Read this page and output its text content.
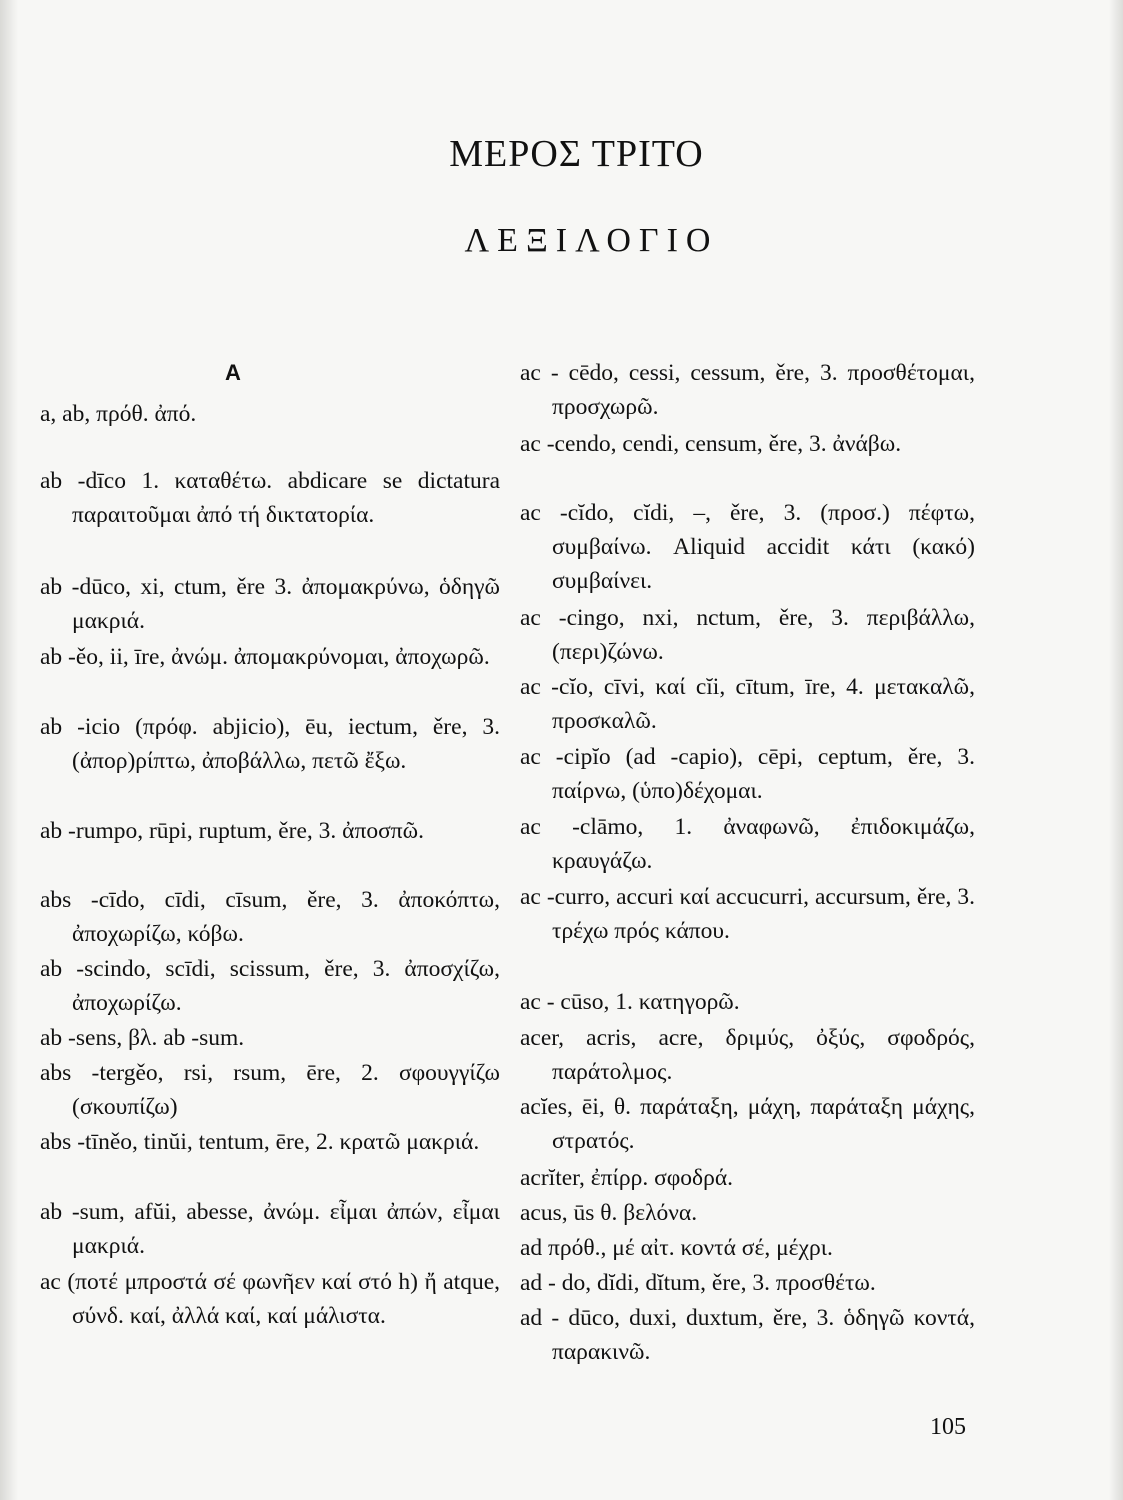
ΜΕΡΟΣ ΤΡΙΤΟ
ΛΕΞΙΛΟΓΙΟ
Α
a, ab, πρόθ. ἀπό.
ab -dīco 1. καταθέτω. abdicare se dictatura παραιτοῦμαι ἀπό τή δικτατορία.
ab -dūco, xi, ctum, ěre 3. ἀπομακρύνω, ὁδηγῶ μακριά.
ab -ěo, ii, īre, ἀνώμ. ἀπομακρύνομαι, ἀποχωρῶ.
ab -icio (πρόφ. abjicio), ēu, iectum, ěre, 3. (ἀπορ)ρίπτω, ἀποβάλλω, πετῶ ἔξω.
ab -rumpo, rūpi, ruptum, ěre, 3. ἀποσπῶ.
abs -cīdo, cīdi, cīsum, ěre, 3. ἀποκόπτω, ἀποχωρίζω, κόβω.
ab -scindo, scīdi, scissum, ěre, 3. ἀποσχίζω, ἀποχωρίζω.
ab -sens, βλ. ab -sum.
abs -tergěo, rsi, rsum, ēre, 2. σφουγγίζω (σκουπίζω)
abs -tīněo, tinŭi, tentum, ēre, 2. κρατῶ μακριά.
ab -sum, afŭi, abesse, ἀνώμ. εἶμαι ἀπών, εἶμαι μακριά.
ac (ποτέ μπροστά σέ φωνῆεν καί στό h) ἤ atque, σύνδ. καί, ἀλλά καί, καί μάλιστα.
ac - cēdo, cessi, cessum, ěre, 3. προσθέτομαι, προσχωρῶ.
ac -cendo, cendi, censum, ěre, 3. ἀνάβω.
ac -cĭdo, cĭdi, –, ěre, 3. (προσ.) πέφτω, συμβαίνω. Aliquid accidit κάτι (κακό) συμβαίνει.
ac -cingo, nxi, nctum, ěre, 3. περιβάλλω, (περι)ζώνω.
ac -cĭo, cīvi, καί cĭi, cītum, īre, 4. μετακαλῶ, προσκαλῶ.
ac -cipĭo (ad -capio), cēpi, ceptum, ěre, 3. παίρνω, (ὑπο)δέχομαι.
ac -clāmo, 1. ἀναφωνῶ, ἐπιδοκιμάζω, κραυγάζω.
ac -curro, accuri καί accucurri, accursum, ěre, 3. τρέχω πρός κάπου.
ac - cūso, 1. κατηγορῶ.
acer, acris, acre, δριμύς, ὀξύς, σφοδρός, παράτολμος.
acĭes, ēi, θ. παράταξη, μάχη, παράταξη μάχης, στρατός.
acrĭter, ἐπίρρ. σφοδρά.
acus, ūs θ. βελόνα.
ad πρόθ., μέ αἰτ. κοντά σέ, μέχρι.
ad - do, dĭdi, dĭtum, ěre, 3. προσθέτω.
ad - dūco, duxi, duxtum, ěre, 3. ὁδηγῶ κοντά, παρακινῶ.
105
